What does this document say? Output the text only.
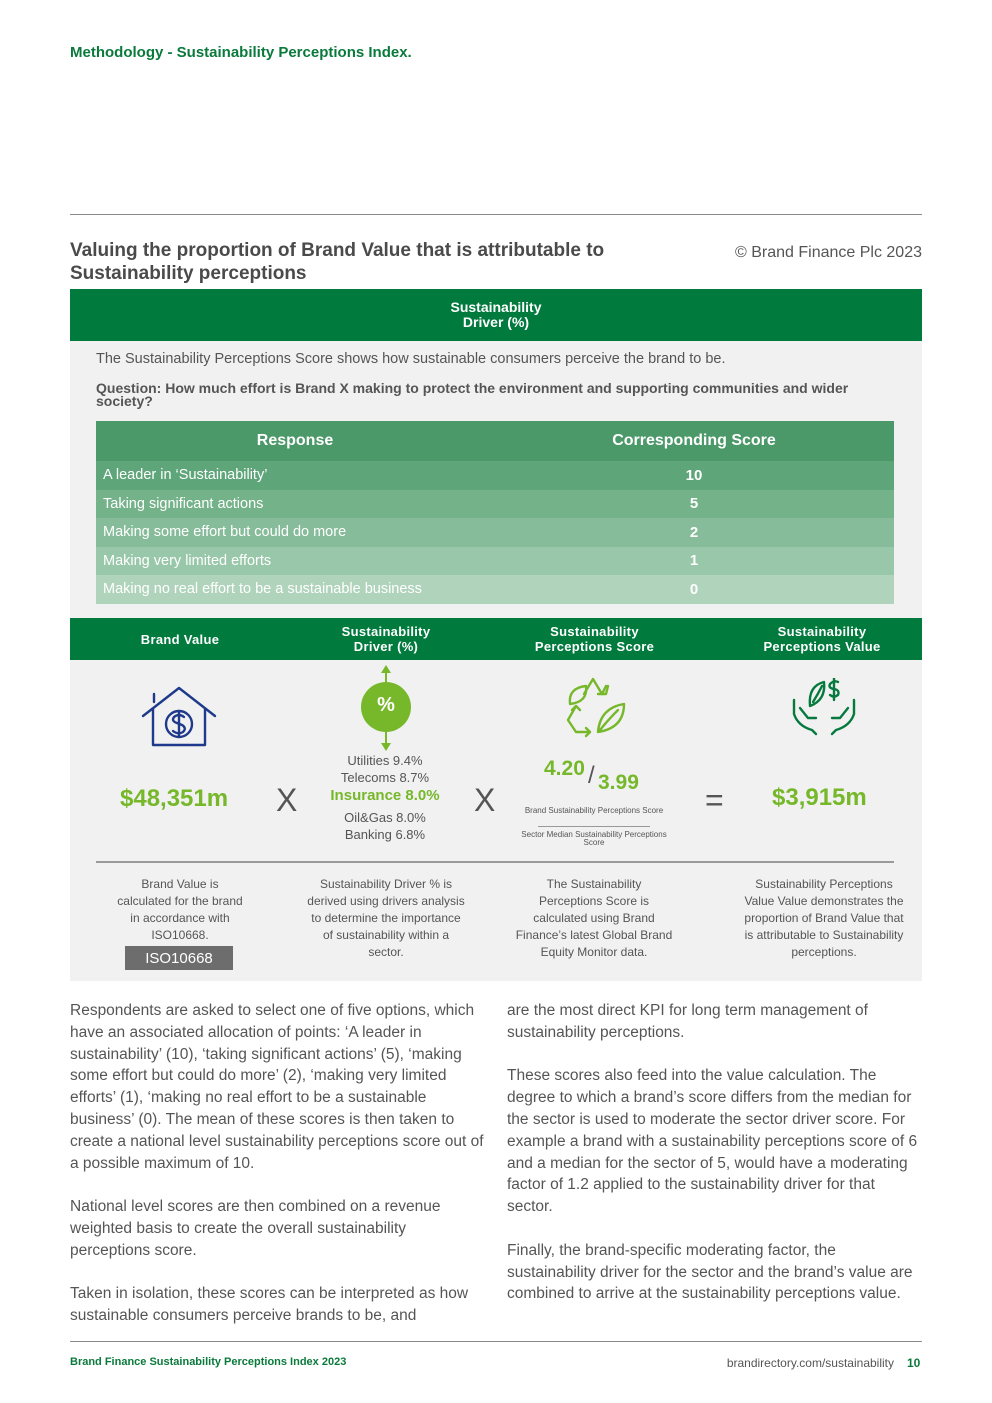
Methodology - Sustainability Perceptions Index.
Valuing the proportion of Brand Value that is attributable to Sustainability perceptions
© Brand Finance Plc 2023
Sustainability Driver (%)
The Sustainability Perceptions Score shows how sustainable consumers perceive the brand to be.
Question: How much effort is Brand X making to protect the environment and supporting communities and wider society?
Response	Corresponding Score
A leader in ‘Sustainability’	10
Taking significant actions	5
Making some effort but could do more	2
Making very limited efforts	1
Making no real effort to be a sustainable business	0
Brand Value	Sustainability Driver (%)
Sustainability Perceptions Score
Sustainability Perceptions Value
%
$48,351m X
Utilities 9.4%
Telecoms 8.7%
Insurance 8.0%
Oil&Gas 8.0%
Banking 6.8%
X
4.20 / 3.99
Brand Sustainability Perceptions Score
Sector Median Sustainability Perceptions Score
= $3,915m
Brand Value is calculated for the brand in accordance with ISO10668.
ISO10668
Sustainability Driver % is derived using drivers analysis to determine the importance of sustainability within a sector.
The Sustainability Perceptions Score is calculated using Brand Finance’s latest Global Brand Equity Monitor data.
Sustainability Perceptions Value Value demonstrates the proportion of Brand Value that is attributable to Sustainability perceptions.

Respondents are asked to select one of five options, which have an associated allocation of points: ‘A leader in sustainability’ (10), ‘taking significant actions’ (5), ‘making some effort but could do more’ (2), ‘making very limited efforts’ (1), ‘making no real effort to be a sustainable business’ (0). The mean of these scores is then taken to create a national level sustainability perceptions score out of a possible maximum of 10.

National level scores are then combined on a revenue weighted basis to create the overall sustainability perceptions score.

Taken in isolation, these scores can be interpreted as how sustainable consumers perceive brands to be, and

are the most direct KPI for long term management of sustainability perceptions.

These scores also feed into the value calculation. The degree to which a brand’s score differs from the median for the sector is used to moderate the sector driver score. For example a brand with a sustainability perceptions score of 6 and a median for the sector of 5, would have a moderating factor of 1.2 applied to the sustainability driver for that sector.

Finally, the brand-specific moderating factor, the sustainability driver for the sector and the brand’s value are combined to arrive at the sustainability perceptions value.

Brand Finance Sustainability Perceptions Index 2023	brandirectory.com/sustainability 10
